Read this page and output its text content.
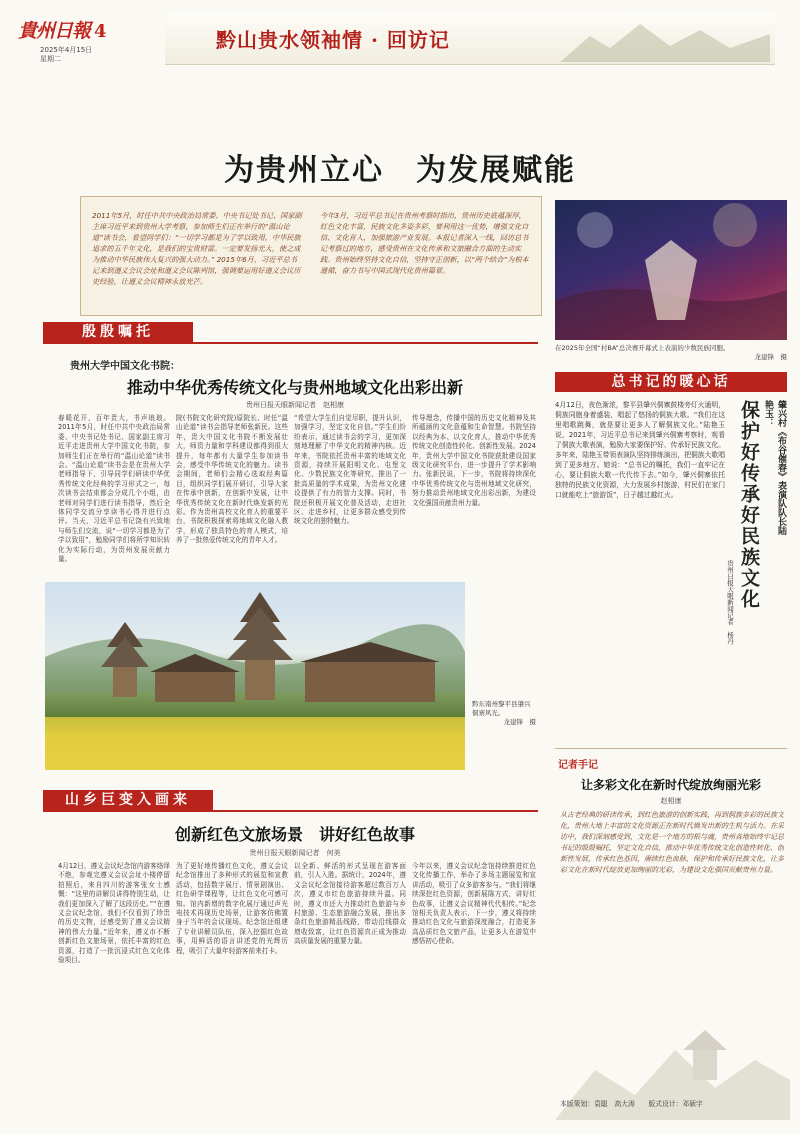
貴州日報 4
2025年4月15日
星期二
黔山贵水领袖情 · 回访记
为贵州立心　为发展赋能
2011年5月，时任中共中央政治局常委、中央书记处书记、国家副主席习近平来到贵州大学考察，参加师生们正在举行的“温山论道”读书会，看望同学们：“一切学习都是为了学以致用，中华民族追求的五千年文化，是我们的宝贵财富。一定要发扬光大，使之成为推动中华民族伟大复兴的强大动力。” 2015年6月，习近平总书记来到遵义会议会址和遵义会议陈列馆，强调要运用好遵义会议历史经验，让遵义会议精神永放光芒。
今年3月，习近平总书记在贵州考察时指出，贵州历史底蕴深厚，红色文化丰富，民族文化多姿多彩，要利用这一优势，增强文化自信、文化育人，加强旅游产业发展。本报记者深入一线，回访总书记考察过的地方，感受贵州在文化传承和文旅融合方面的生动实践。贵州始终坚持文化自信，坚持守正创新，以“两个结合”为根本遵循，奋力书写中国式现代化贵州篇章。
在2025年全国“村BA”总决赛开幕式上表演的少数民族同胞。
龙建锋　摄
殷殷嘱托
贵州大学中国文化书院：
推动中华优秀传统文化与贵州地域文化出彩出新
贵州日报天眼新闻记者　赵相康
春暖花开，百年贵大，书声琅琅。2011年5月，时任中共中央政治局常委、中央书记处书记、国家副主席习近平走进贵州大学中国文化书院，参加师生们正在举行的“温山论道”读书会。“温山论道”读书会是在贵州大学老师指导下，引导同学们研读中华优秀传统文化经典的学习形式之一，每次读书会结束都会分成几个小组，由老师对同学们进行读书指导，然后全体同学交流分享读书心得并进行点评。当天，习近平总书记饶有兴致地与师生们交流，说“一切学习都是为了学以致用”，勉励同学们将所学知识转化为实际行动，为贵州发展贡献力量。
院(书院文化研究院)原院长、时任“温山论道”读书会指导老师张新民。这些年，贵大中国文化书院不断发展壮大，师资力量和学科建设都得到很大提升，每年都有大量学生参加读书会，感受中华传统文化的魅力。读书会期间，老师们会精心选取经典篇目，组织同学们展开研讨，引导大家在传承中创新，在创新中发展，让中华优秀传统文化在新时代焕发新的光彩。作为贵州高校文化育人的重要平台，书院积极探索将地域文化融入教学，形成了独具特色的育人模式，培养了一批热爱传统文化的青年人才。
“希望大学生们自觉尽职，提升认识，加强学习，坚定文化自信。”学生们纷纷表示，通过读书会的学习，更加深刻地理解了中华文化的精神内核。近年来，书院依托贵州丰富的地域文化资源，持续开展阳明文化、屯堡文化、少数民族文化等研究，推出了一批高质量的学术成果，为贵州文化建设提供了有力的智力支撑。同时，书院还积极开展文化普及活动，走进社区、走进乡村，让更多群众感受到传统文化的独特魅力。
传导理念，传播中国的历史文化精神及其所蕴涵的文化意蕴和生命智慧。书院坚持以经典为本、以文化育人，推动中华优秀传统文化创造性转化、创新性发展。2024年，贵州大学中国文化书院获批建设国家级文化研究平台，进一步提升了学术影响力。张新民说，下一步，书院将持续深化中华优秀传统文化与贵州地域文化研究，努力推动贵州地域文化出彩出新，为建设文化强国贡献贵州力量。
黔东南州黎平县肇兴侗寨风光。
龙建锋　摄
山乡巨变入画来
创新红色文旅场景　讲好红色故事
贵州日报天眼新闻记者　何美
4月12日，遵义会议纪念馆内游客络绎不绝，参观完遵义会议会址小楼停留拍照后，来自四川的游客张女士感慨：“这里的讲解员讲得特别生动，让我们更加深入了解了这段历史。”“在遵义会议纪念馆，我们不仅看到了珍贵的历史文物，还感受到了遵义会议精神的伟大力量。”近年来，遵义市不断创新红色文旅场景，依托丰富的红色资源，打造了一批沉浸式红色文化体验项目。
为了更好地传播红色文化，遵义会议纪念馆推出了多种形式的展览和宣教活动，包括数字展厅、情景剧演出、红色研学课程等，让红色文化可感可知。馆内新增的数字化展厅通过声光电技术再现历史场景，让游客仿佛置身于当年的会议现场。纪念馆还组建了专业讲解员队伍，深入挖掘红色故事，用鲜活的语言讲述党的光辉历程，吸引了大量年轻游客前来打卡。
以全新、鲜活的形式呈现在游客面前，引人入胜。据统计，2024年，遵义会议纪念馆接待游客超过数百万人次，遵义市红色旅游持续升温。同时，遵义市还大力推动红色旅游与乡村旅游、生态旅游融合发展，推出多条红色旅游精品线路，带动沿线群众增收致富，让红色资源真正成为推动高质量发展的重要力量。
今年以来，遵义会议纪念馆持续推进红色文化传播工作，举办了多场主题展览和宣讲活动，吸引了众多游客参与。“我们将继续深挖红色资源，创新展陈方式，讲好红色故事，让遵义会议精神代代相传。”纪念馆相关负责人表示，下一步，遵义将持续推动红色文化与旅游深度融合，打造更多高品质红色文旅产品，让更多人在游览中感悟初心使命。
总书记的暖心话
4月12日，夜色渐浓，黎平县肇兴侗寨鼓楼旁灯火通明，侗族同胞身着盛装，唱起了悠扬的侗族大歌。“我们在这里唱歌跳舞，就是要让更多人了解侗族文化。”陆艳玉说，2021年，习近平总书记来到肇兴侗寨考察时，观看了侗族大歌表演，勉励大家要保护好、传承好民族文化。多年来，陆艳玉带领表演队坚持排练演出，把侗族大歌唱到了更多地方。她说：“总书记的嘱托，我们一直牢记在心，要让侗族大歌一代代传下去。”如今，肇兴侗寨依托独特的民族文化资源，大力发展乡村旅游，村民们在家门口就能吃上“旅游饭”，日子越过越红火。	肇兴村《布谷催春》表演队队长陆艳玉：
保护好传承好民族文化
贵州日报天眼新闻记者　杨丹
记者手记
让多彩文化在新时代绽放绚丽光彩
赵相康
从古老经典的研读传承，到红色旅游的创新实践，再到侗族多彩的民族文化，贵州大地上丰富的文化资源正在新时代焕发出新的生机与活力。在采访中，我们深刻感受到，文化是一个地方的根与魂，贵州各地始终牢记总书记的殷殷嘱托，坚定文化自信，推动中华优秀传统文化创造性转化、创新性发展，传承红色基因，赓续红色血脉，保护和传承好民族文化，让多彩文化在新时代绽放更加绚丽的光彩，为建设文化强国贡献贵州力量。
本版策划：袁聪　高大涛　　版式设计：邓硕宇
